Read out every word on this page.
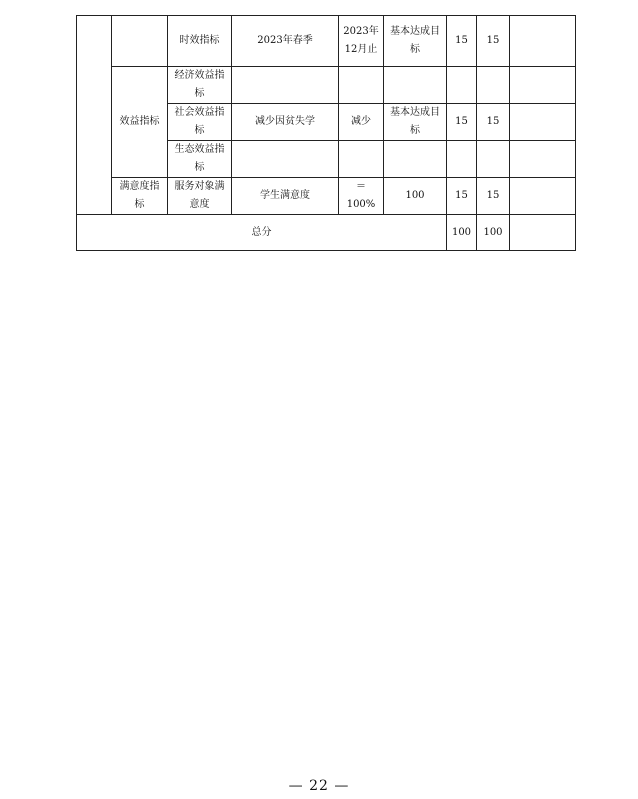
		时效指标	2023年春季	2023年12月止	基本达成目标	15	15	
	效益指标	经济效益指标						
		社会效益指标	减少因贫失学	减少	基本达成目标	15	15	
		生态效益指标						
	满意度指标	服务对象满意度	学生满意度	＝100%	100	15	15	
总分						100	100	
— 22 —
